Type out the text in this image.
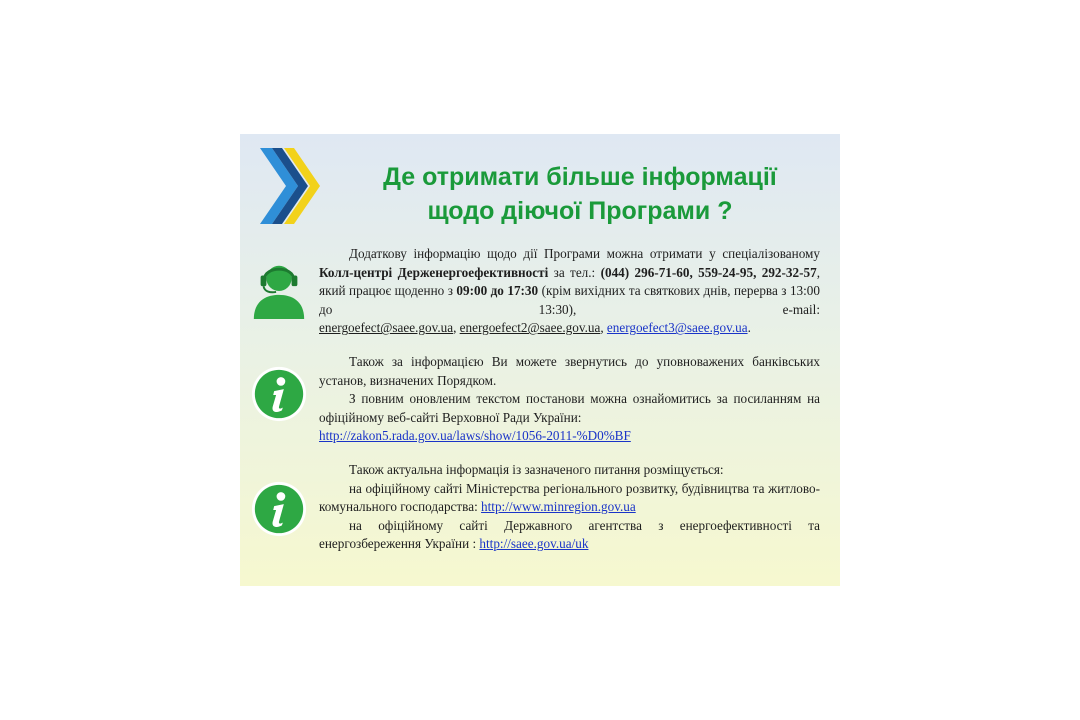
Де отримати більше інформації
щодо діючої Програми ?

Додаткову інформацію щодо дії Програми можна отримати у спеціалізованому Колл-центрі Держенергоефективності за тел.: (044) 296-71-60, 559-24-95, 292-32-57, який працює щоденно з 09:00 до 17:30 (крім вихідних та святкових днів, перерва з 13:00 до 13:30), e-mail: energoefect@saee.gov.ua, energoefect2@saee.gov.ua, energoefect3@saee.gov.ua.

Також за інформацією Ви можете звернутись до уповноважених банківських установ, визначених Порядком.

З повним оновленим текстом постанови можна ознайомитись за посиланням на офіційному веб-сайті Верховної Ради України:

http://zakon5.rada.gov.ua/laws/show/1056-2011-%D0%BF

Також актуальна інформація із зазначеного питання розміщується:

на офіційному сайті Міністерства регіонального розвитку, будівництва та житлово-комунального господарства: http://www.minregion.gov.ua

на офіційному сайті Державного агентства з енергоефективності та енергозбереження України : http://saee.gov.ua/uk
